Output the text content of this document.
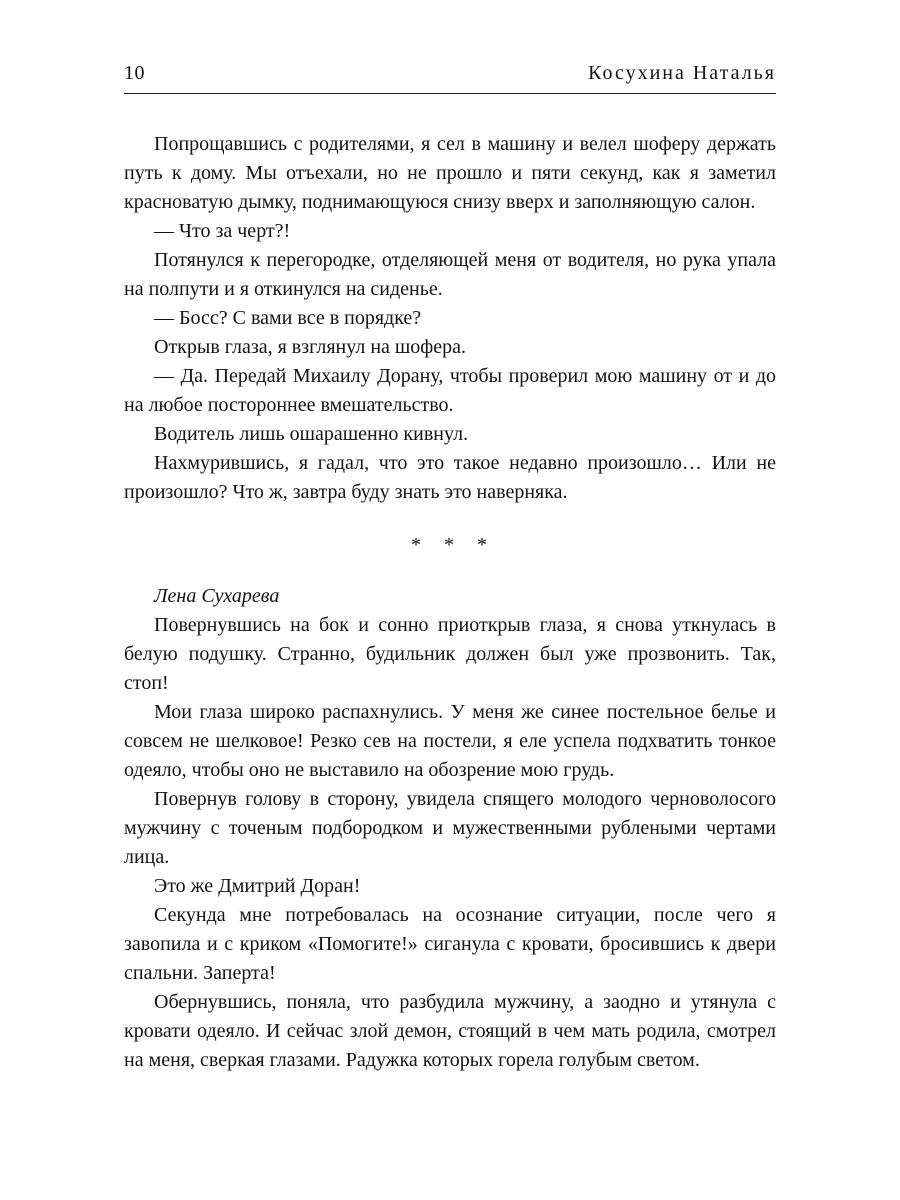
10	Косухина Наталья

Попрощавшись с родителями, я сел в машину и велел шоферу держать путь к дому. Мы отъехали, но не прошло и пяти секунд, как я заметил красноватую дымку, поднимающуюся снизу вверх и заполняющую салон.

— Что за черт?!

Потянулся к перегородке, отделяющей меня от водителя, но рука упала на полпути и я откинулся на сиденье.

— Босс? С вами все в порядке?

Открыв глаза, я взглянул на шофера.

— Да. Передай Михаилу Дорану, чтобы проверил мою машину от и до на любое постороннее вмешательство.

Водитель лишь ошарашенно кивнул.

Нахмурившись, я гадал, что это такое недавно произошло… Или не произошло? Что ж, завтра буду знать это наверняка.

* * *

Лена Сухарева

Повернувшись на бок и сонно приоткрыв глаза, я снова уткнулась в белую подушку. Странно, будильник должен был уже прозвонить. Так, стоп!

Мои глаза широко распахнулись. У меня же синее постельное белье и совсем не шелковое! Резко сев на постели, я еле успела подхватить тонкое одеяло, чтобы оно не выставило на обозрение мою грудь.

Повернув голову в сторону, увидела спящего молодого черноволосого мужчину с точеным подбородком и мужественными рублеными чертами лица.

Это же Дмитрий Доран!

Секунда мне потребовалась на осознание ситуации, после чего я завопила и с криком «Помогите!» сиганула с кровати, бросившись к двери спальни. Заперта!

Обернувшись, поняла, что разбудила мужчину, а заодно и утянула с кровати одеяло. И сейчас злой демон, стоящий в чем мать родила, смотрел на меня, сверкая глазами. Радужка которых горела голубым светом.
